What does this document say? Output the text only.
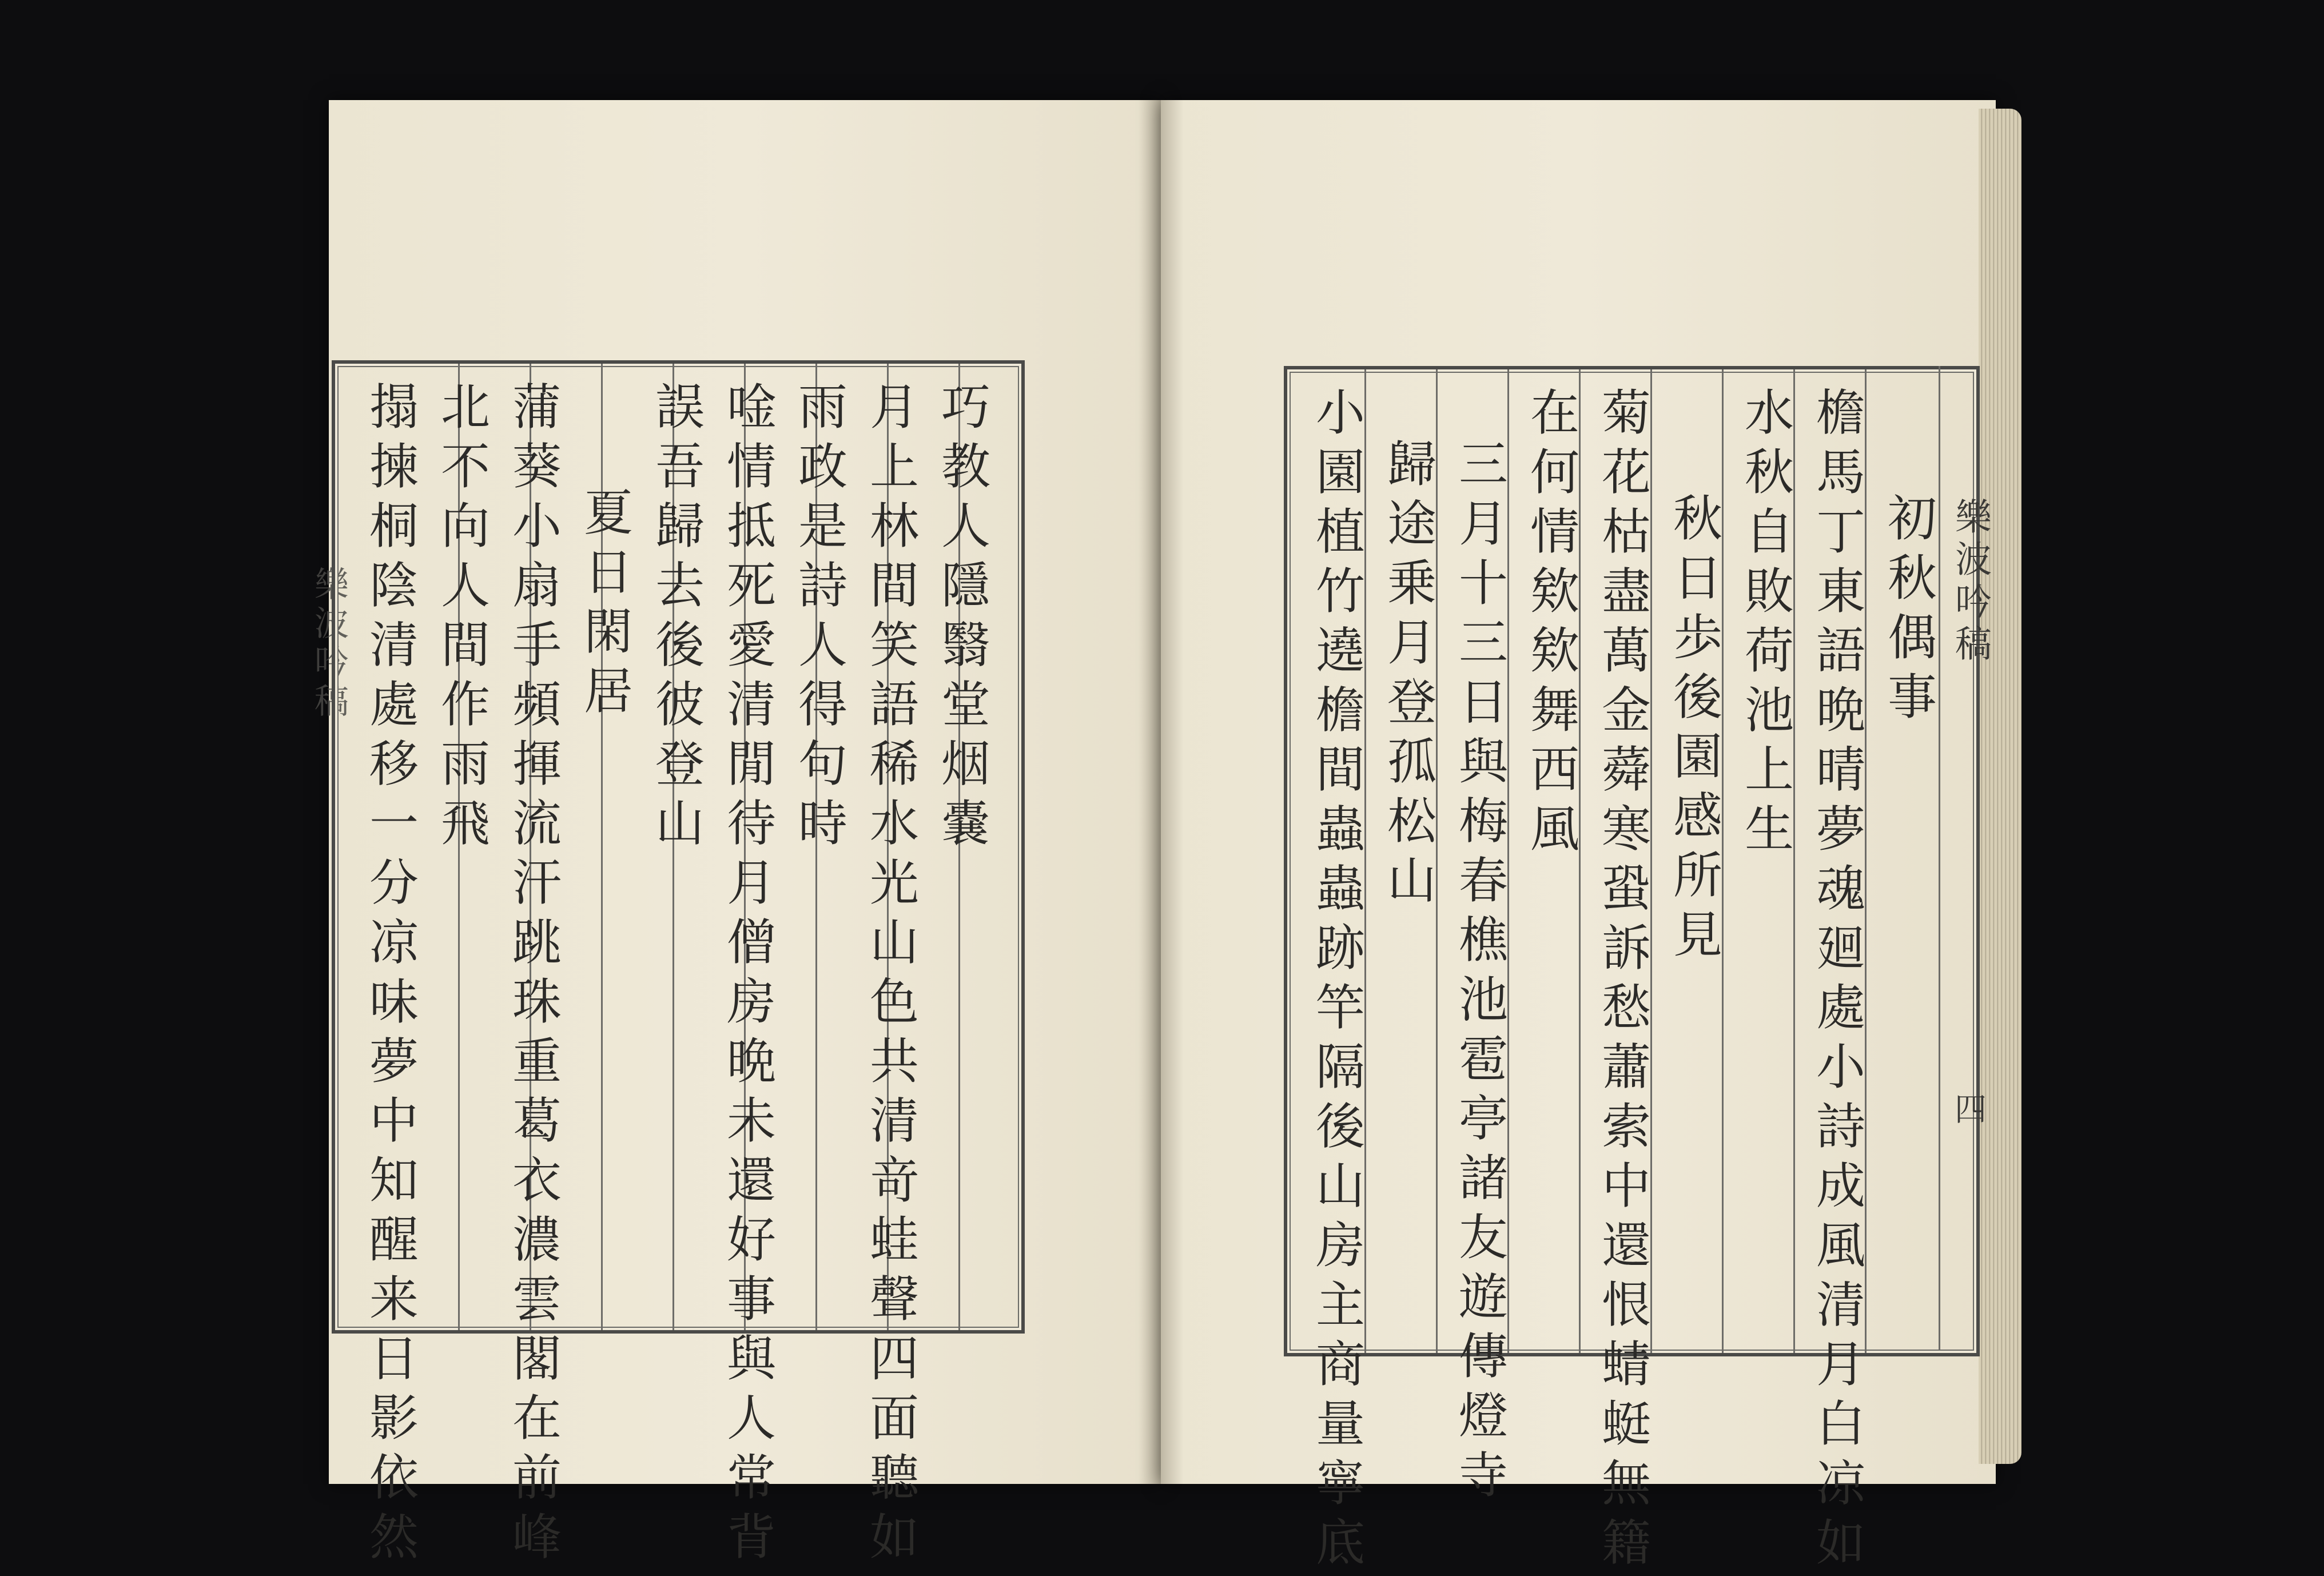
樂波吟稿	巧教人隱翳堂烟嚢
月上林間笑語稀水光山色共清竒蛙聲四面聽如
雨政是詩人得句時
唫情抵死愛清閒待月僧房晩未還好事與人常背
誤吾歸去後彼登山
夏日閑居
蒲葵小扇手頻揮流汗跳珠重葛衣濃雲閣在前峰
北不向人間作雨飛
搨揀桐陰清處移一分凉味夢中知醒来日影依然	初秋偶事
檐馬丁東語晩晴夢魂廻處小詩成風清月白凉如
水秋自敗荷池上生
秋日歩後園感所見
菊花枯盡萬金蕣寒蛩訴愁蕭索中還恨蜻蜓無籍
在何情欸欸舞西風
三月十三日與梅春樵池雹亭諸友遊傳燈寺
歸途乗月登孤松山
小園植竹遶檐間蟲蟲跡竿隔後山房主商量寧底	樂波吟稿
四
